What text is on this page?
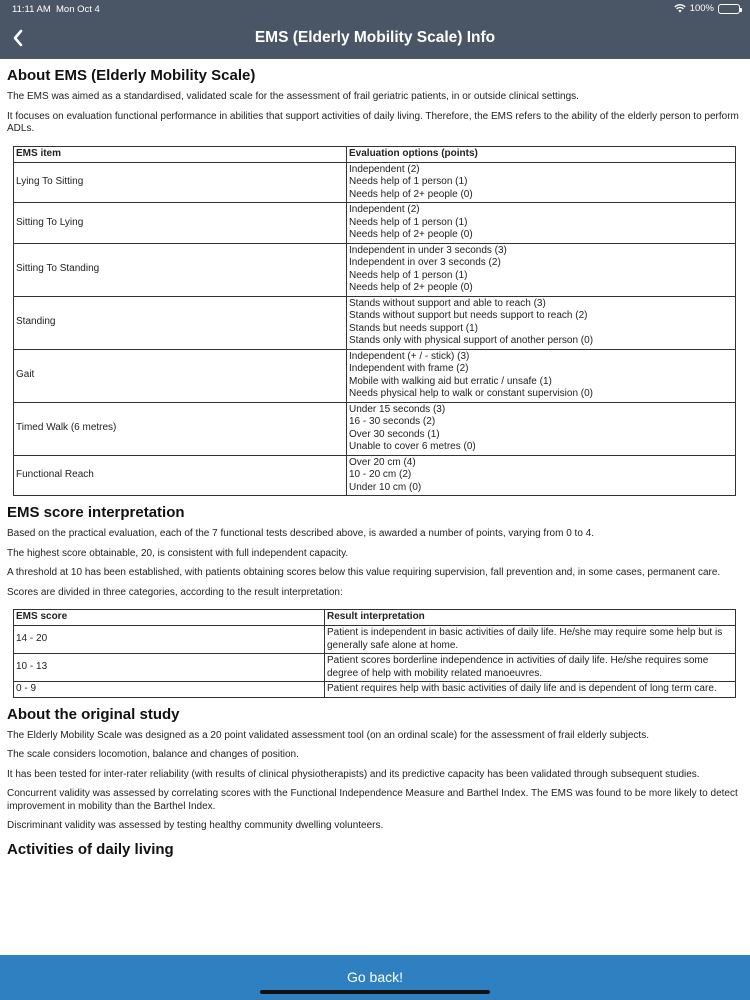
11:11 AM Mon Oct 4	100%
EMS (Elderly Mobility Scale) Info
About EMS (Elderly Mobility Scale)

The EMS was aimed as a standardised, validated scale for the assessment of frail geriatric patients, in or outside clinical settings.

It focuses on evaluation functional performance in abilities that support activities of daily living. Therefore, the EMS refers to the ability of the elderly person to perform ADLs.

EMS item	Evaluation options (points)
Lying To Sitting	Independent (2)
Needs help of 1 person (1)
Needs help of 2+ people (0)

Sitting To Lying	Independent (2)
Needs help of 1 person (1)
Needs help of 2+ people (0)

Sitting To Standing	Independent in under 3 seconds (3)
Independent in over 3 seconds (2)
Needs help of 1 person (1)
Needs help of 2+ people (0)

Standing	Stands without support and able to reach (3)
Stands without support but needs support to reach (2)
Stands but needs support (1)
Stands only with physical support of another person (0)

Gait	Independent (+ / - stick) (3)
Independent with frame (2)
Mobile with walking aid but erratic / unsafe (1)
Needs physical help to walk or constant supervision (0)

Timed Walk (6 metres)	Under 15 seconds (3)
16 - 30 seconds (2)
Over 30 seconds (1)
Unable to cover 6 metres (0)

Functional Reach	Over 20 cm (4)
10 - 20 cm (2)
Under 10 cm (0)
EMS score interpretation

Based on the practical evaluation, each of the 7 functional tests described above, is awarded a number of points, varying from 0 to 4.

The highest score obtainable, 20, is consistent with full independent capacity.

A threshold at 10 has been established, with patients obtaining scores below this value requiring supervision, fall prevention and, in some cases, permanent care.

Scores are divided in three categories, according to the result interpretation:

EMS score	Result interpretation
14 - 20	Patient is independent in basic activities of daily life. He/she may require some help but is generally safe alone at home.
10 - 13	Patient scores borderline independence in activities of daily life. He/she requires some degree of help with mobility related manoeuvres.
0 - 9	Patient requires help with basic activities of daily life and is dependent of long term care.
About the original study

The Elderly Mobility Scale was designed as a 20 point validated assessment tool (on an ordinal scale) for the assessment of frail elderly subjects.

The scale considers locomotion, balance and changes of position.

It has been tested for inter-rater reliability (with results of clinical physiotherapists) and its predictive capacity has been validated through subsequent studies.

Concurrent validity was assessed by correlating scores with the Functional Independence Measure and Barthel Index. The EMS was found to be more likely to detect improvement in mobility than the Barthel Index.

Discriminant validity was assessed by testing healthy community dwelling volunteers.

Activities of daily living
Go back!
